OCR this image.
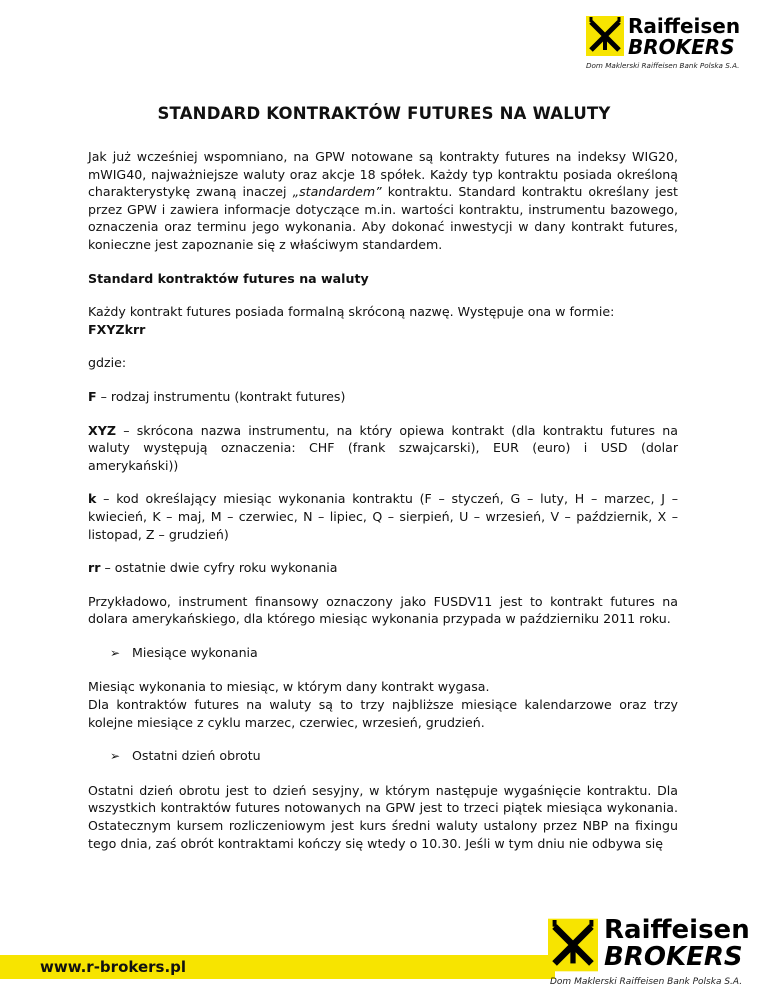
Raiffeisen
BROKERS
Dom Maklerski Raiffeisen Bank Polska S.A.
STANDARD KONTRAKTÓW FUTURES NA WALUTY

Jak już wcześniej wspomniano, na GPW notowane są kontrakty futures na indeksy WIG20, mWIG40, najważniejsze waluty oraz akcje 18 spółek. Każdy typ kontraktu posiada określoną charakterystykę zwaną inaczej „standardem” kontraktu. Standard kontraktu określany jest przez GPW i zawiera informacje dotyczące m.in. wartości kontraktu, instrumentu bazowego, oznaczenia oraz terminu jego wykonania. Aby dokonać inwestycji w dany kontrakt futures, konieczne jest zapoznanie się z właściwym standardem.

Standard kontraktów futures na waluty

Każdy kontrakt futures posiada formalną skróconą nazwę. Występuje ona w formie:

FXYZkrr

gdzie:

F – rodzaj instrumentu (kontrakt futures)

XYZ – skrócona nazwa instrumentu, na który opiewa kontrakt (dla kontraktu futures na waluty występują oznaczenia: CHF (frank szwajcarski), EUR (euro) i USD (dolar amerykański))

k – kod określający miesiąc wykonania kontraktu (F – styczeń, G – luty, H – marzec, J – kwiecień, K – maj, M – czerwiec, N – lipiec, Q – sierpień, U – wrzesień, V – październik, X – listopad, Z – grudzień)

rr – ostatnie dwie cyfry roku wykonania

Przykładowo, instrument finansowy oznaczony jako FUSDV11 jest to kontrakt futures na dolara amerykańskiego, dla którego miesiąc wykonania przypada w październiku 2011 roku.

➢ Miesiące wykonania

Miesiąc wykonania to miesiąc, w którym dany kontrakt wygasa.

Dla kontraktów futures na waluty są to trzy najbliższe miesiące kalendarzowe oraz trzy kolejne miesiące z cyklu marzec, czerwiec, wrzesień, grudzień.

➢ Ostatni dzień obrotu

Ostatni dzień obrotu jest to dzień sesyjny, w którym następuje wygaśnięcie kontraktu. Dla wszystkich kontraktów futures notowanych na GPW jest to trzeci piątek miesiąca wykonania. Ostatecznym kursem rozliczeniowym jest kurs średni waluty ustalony przez NBP na fixingu tego dnia, zaś obrót kontraktami kończy się wtedy o 10.30. Jeśli w tym dniu nie odbywa się

www.r-brokers.pl
Raiffeisen
BROKERS
Dom Maklerski Raiffeisen Bank Polska S.A.
